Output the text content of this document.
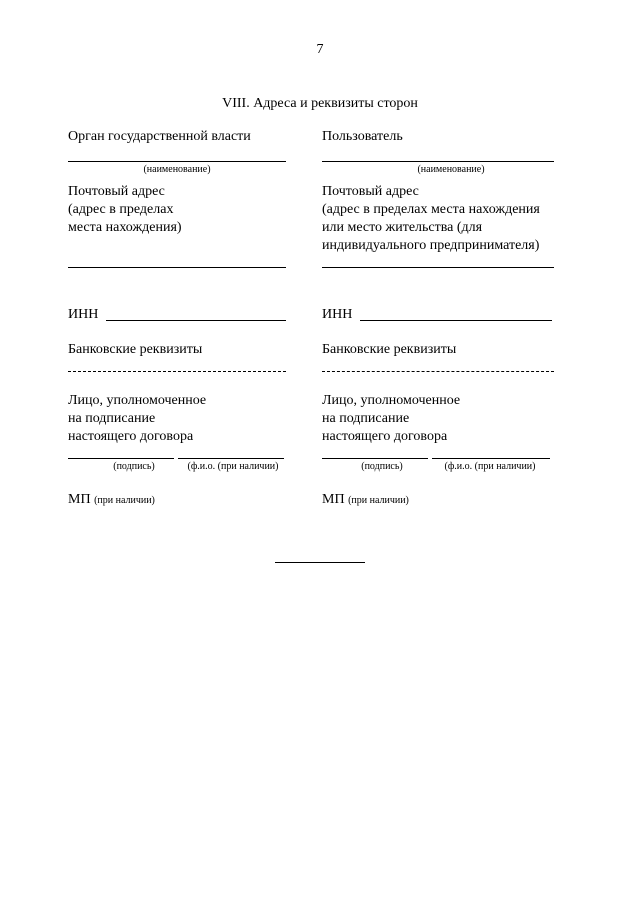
7
VIII. Адреса и реквизиты сторон
Орган государственной власти
(наименование)
Почтовый адрес
(адрес в пределах
места нахождения)
ИНН
Банковские реквизиты
Лицо, уполномоченное
на подписание
настоящего договора
(подпись)	(ф.и.о. (при наличии)
МП (при наличии)
Пользователь
(наименование)
Почтовый адрес
(адрес в пределах места нахождения
или место жительства (для
индивидуального предпринимателя)
ИНН
Банковские реквизиты
Лицо, уполномоченное
на подписание
настоящего договора
(подпись)	(ф.и.о. (при наличии)
МП (при наличии)
